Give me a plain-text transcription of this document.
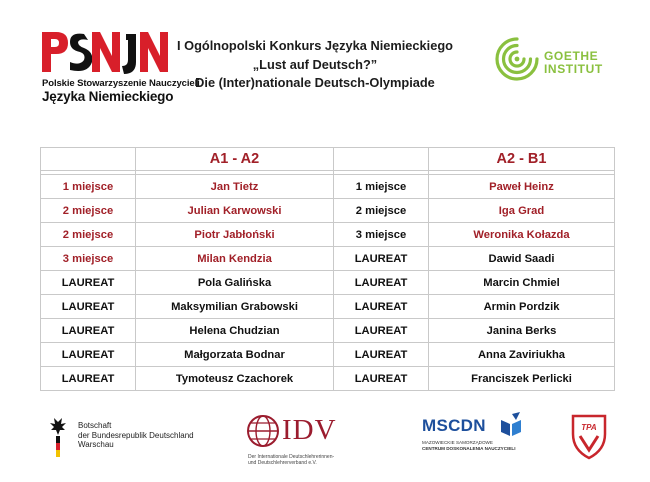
Polskie Stowarzyszenie Nauczycieli
Języka Niemieckiego
I Ogólnopolski Konkurs Języka Niemieckiego
„Lust auf Deutsch?”
Die (Inter)nationale Deutsch-Olympiade
GOETHE
INSTITUT
	A1 - A2		A2 - B1

1 miejsce	Jan Tietz	1 miejsce	Paweł Heinz
2 miejsce	Julian Karwowski	2 miejsce	Iga Grad
2 miejsce	Piotr Jabłoński	3 miejsce	Weronika Kołazda
3 miejsce	Milan Kendzia	LAUREAT	Dawid Saadi
LAUREAT	Pola Galińska	LAUREAT	Marcin Chmiel
LAUREAT	Maksymilian Grabowski	LAUREAT	Armin Pordzik
LAUREAT	Helena Chudzian	LAUREAT	Janina Berks
LAUREAT	Małgorzata Bodnar	LAUREAT	Anna Zaviriukha
LAUREAT	Tymoteusz Czachorek	LAUREAT	Franciszek Perlicki
Botschaft
der Bundesrepublik Deutschland
Warschau	IDV
Der Internationale Deutschlehrerinnen-
und Deutschlehrerverband e.V.
MSCDN
MAZOWIECKIE SAMORZĄDOWE
CENTRUM DOSKONALENIA NAUCZYCIELI
TPA
